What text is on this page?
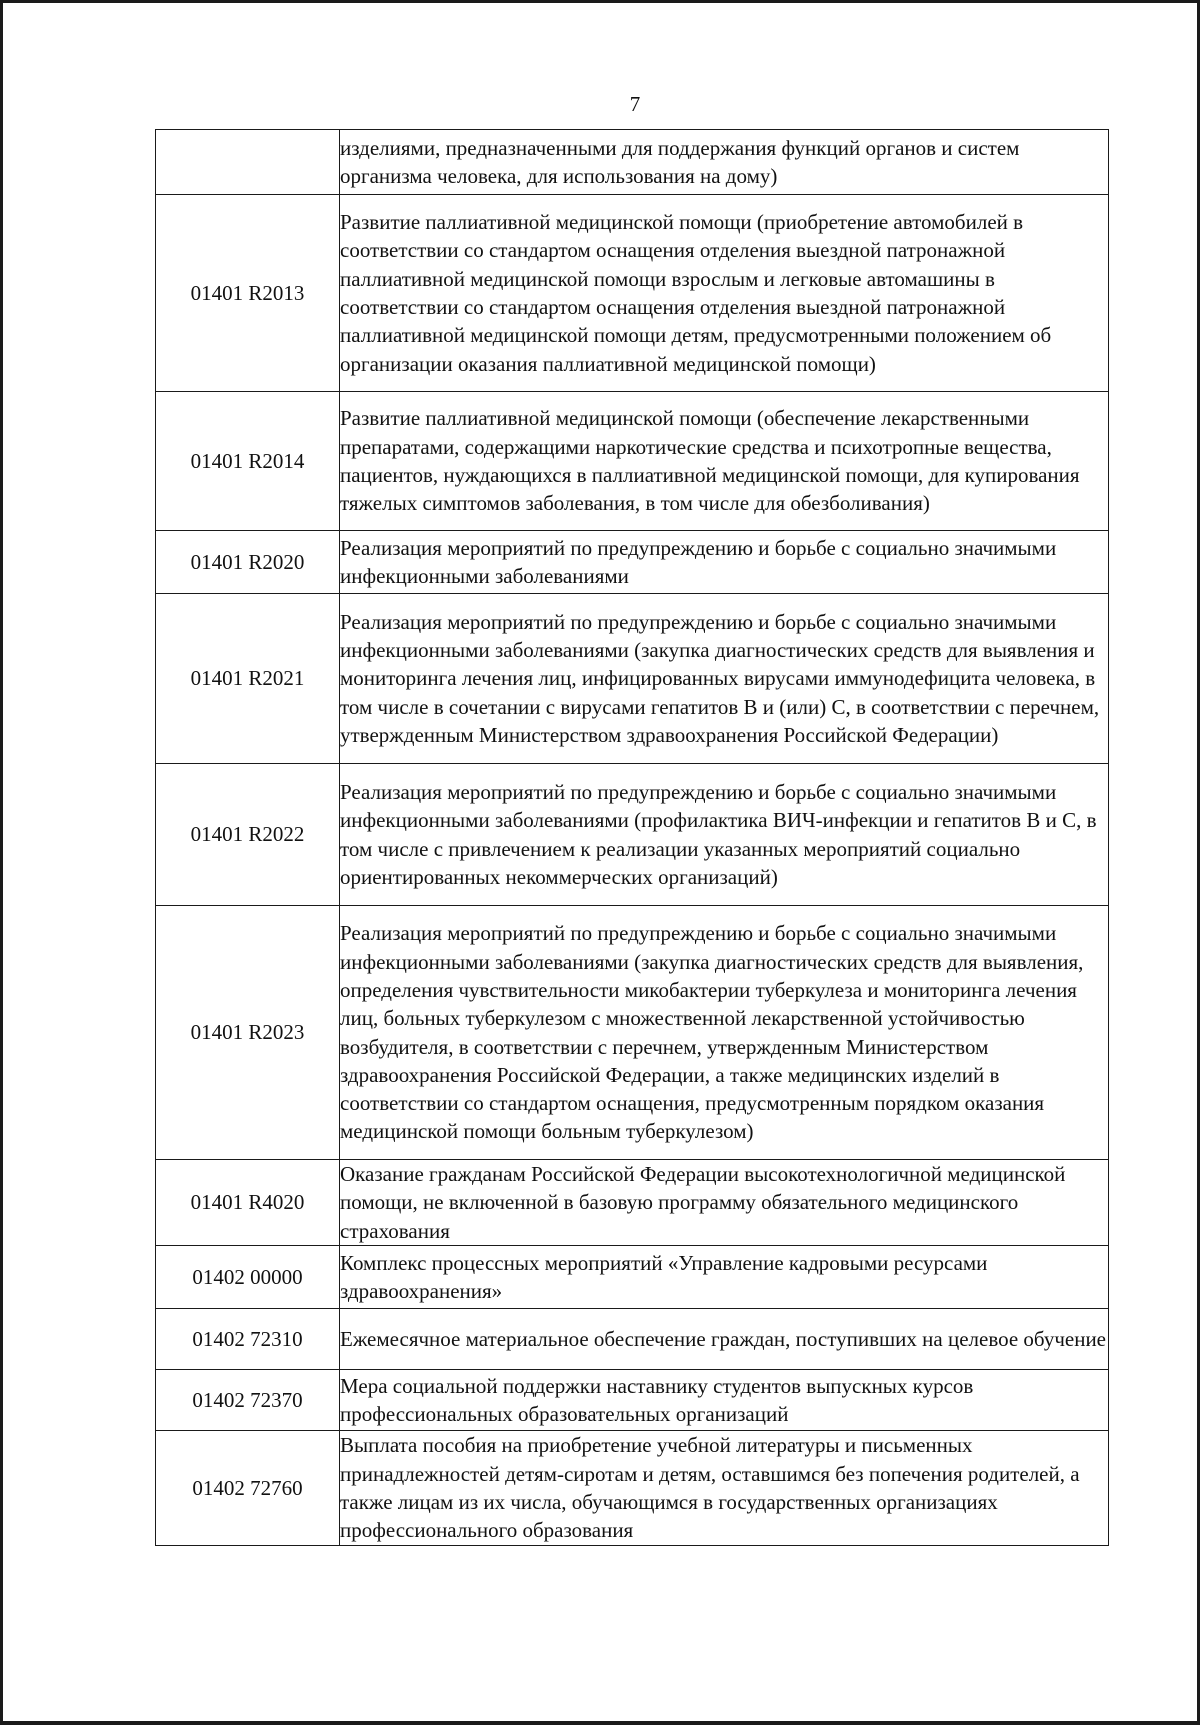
7
	изделиями, предназначенными для поддержания функций органов и систем организма человека, для использования на дому)
01401 R2013	Развитие паллиативной медицинской помощи (приобретение автомобилей в соответствии со стандартом оснащения отделения выездной патронажной паллиативной медицинской помощи взрослым и легковые автомашины в соответствии со стандартом оснащения отделения выездной патронажной паллиативной медицинской помощи детям, предусмотренными положением об организации оказания паллиативной медицинской помощи)
01401 R2014	Развитие паллиативной медицинской помощи (обеспечение лекарственными препаратами, содержащими наркотические средства и психотропные вещества, пациентов, нуждающихся в паллиативной медицинской помощи, для купирования тяжелых симптомов заболевания, в том числе для обезболивания)
01401 R2020	Реализация мероприятий по предупреждению и борьбе с социально значимыми инфекционными заболеваниями
01401 R2021	Реализация мероприятий по предупреждению и борьбе с социально значимыми инфекционными заболеваниями (закупка диагностических средств для выявления и мониторинга лечения лиц, инфицированных вирусами иммунодефицита человека, в том числе в сочетании с вирусами гепатитов В и (или) С, в соответствии с перечнем, утвержденным Министерством здравоохранения Российской Федерации)
01401 R2022	Реализация мероприятий по предупреждению и борьбе с социально значимыми инфекционными заболеваниями (профилактика ВИЧ-инфекции и гепатитов В и С, в том числе с привлечением к реализации указанных мероприятий социально ориентированных некоммерческих организаций)
01401 R2023	Реализация мероприятий по предупреждению и борьбе с социально значимыми инфекционными заболеваниями (закупка диагностических средств для выявления, определения чувствительности микобактерии туберкулеза и мониторинга лечения лиц, больных туберкулезом с множественной лекарственной устойчивостью возбудителя, в соответствии с перечнем, утвержденным Министерством здравоохранения Российской Федерации, а также медицинских изделий в соответствии со стандартом оснащения, предусмотренным порядком оказания медицинской помощи больным туберкулезом)
01401 R4020	Оказание гражданам Российской Федерации высокотехнологичной медицинской помощи, не включенной в базовую программу обязательного медицинского страхования
01402 00000	Комплекс процессных мероприятий «Управление кадровыми ресурсами здравоохранения»
01402 72310	Ежемесячное материальное обеспечение граждан, поступивших на целевое обучение
01402 72370	Мера социальной поддержки наставнику студентов выпускных курсов профессиональных образовательных организаций
01402 72760	Выплата пособия на приобретение учебной литературы и письменных принадлежностей детям-сиротам и детям, оставшимся без попечения родителей, а также лицам из их числа, обучающимся в государственных организациях профессионального образования
